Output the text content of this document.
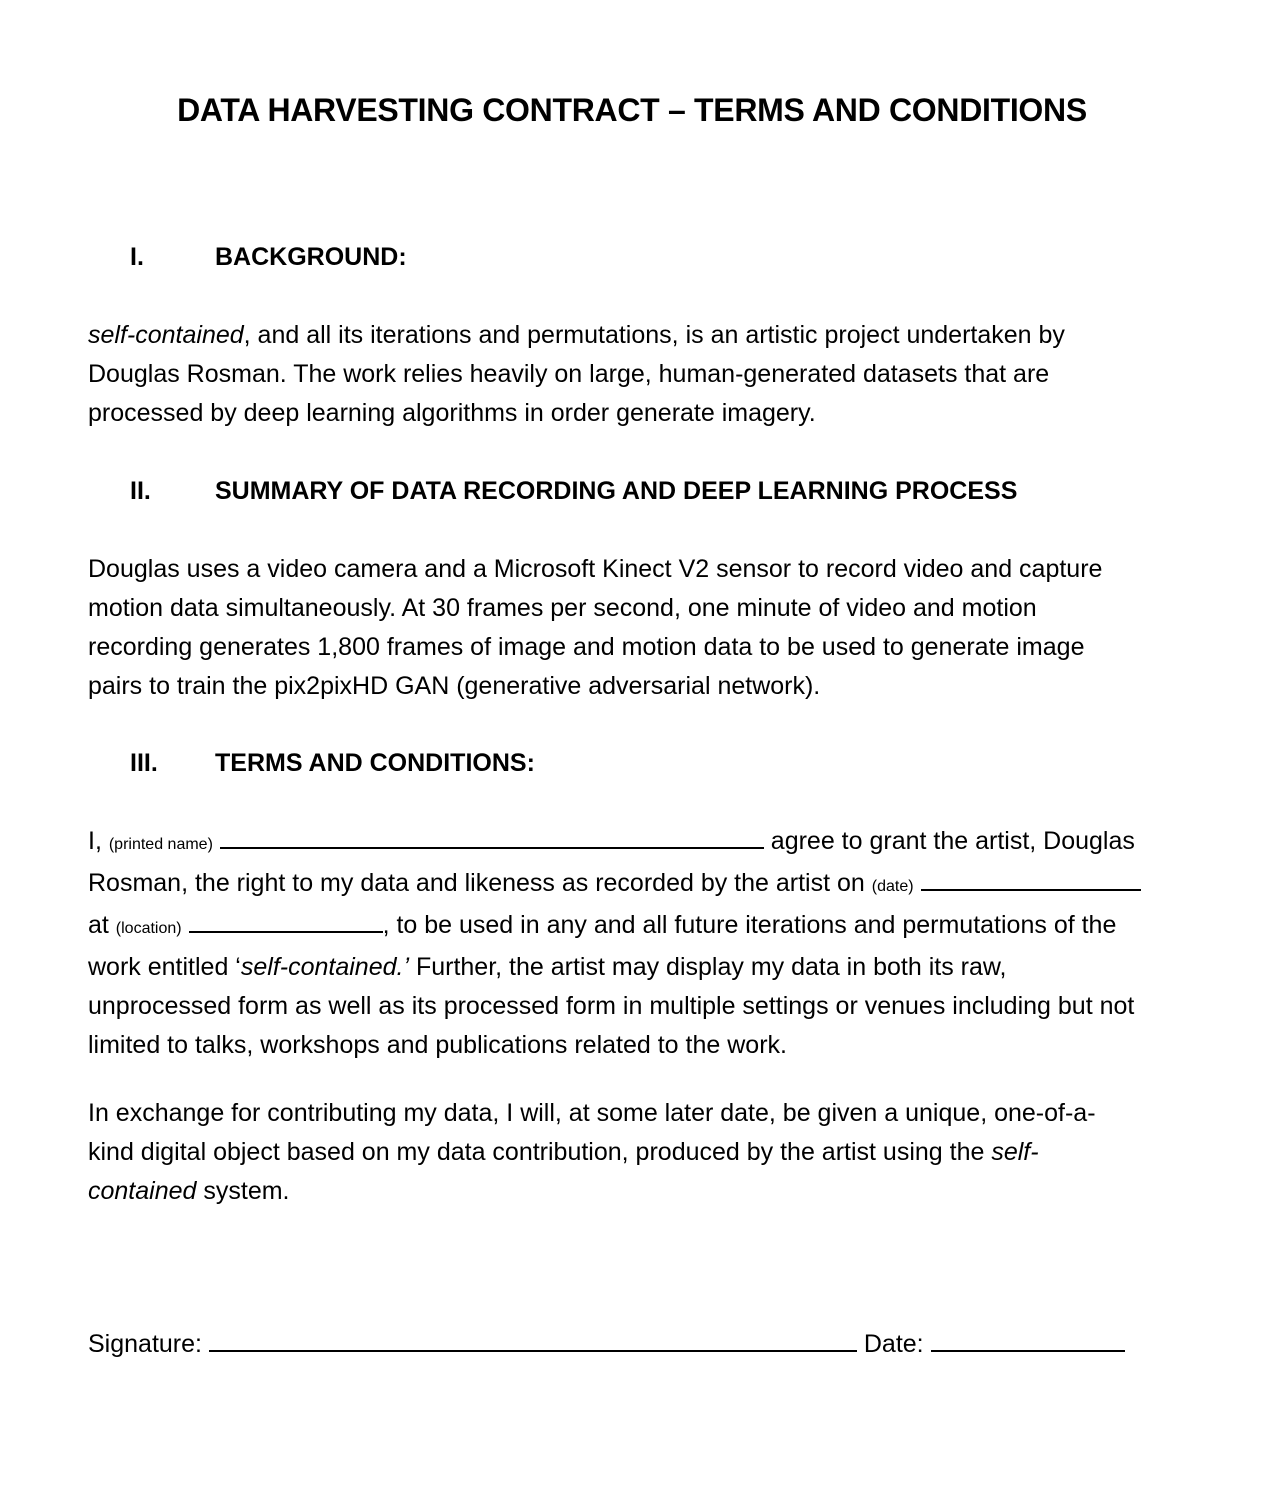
DATA HARVESTING CONTRACT – TERMS AND CONDITIONS
I.	BACKGROUND:
self-contained, and all its iterations and permutations, is an artistic project undertaken by
Douglas Rosman. The work relies heavily on large, human-generated datasets that are
processed by deep learning algorithms in order generate imagery.
II.	SUMMARY OF DATA RECORDING AND DEEP LEARNING PROCESS
Douglas uses a video camera and a Microsoft Kinect V2 sensor to record video and capture
motion data simultaneously. At 30 frames per second, one minute of video and motion
recording generates 1,800 frames of image and motion data to be used to generate image
pairs to train the pix2pixHD GAN (generative adversarial network).
III. TERMS AND CONDITIONS:
I, (printed name)	agree to grant the artist, Douglas
Rosman, the right to my data and likeness as recorded by the artist on (date)
at (location)	, to be used in any and all future iterations and permutations of the
work entitled ‘self-contained.’ Further, the artist may display my data in both its raw,
unprocessed form as well as its processed form in multiple settings or venues including but not
limited to talks, workshops and publications related to the work.
In exchange for contributing my data, I will, at some later date, be given a unique, one-of-a-
kind digital object based on my data contribution, produced by the artist using the self-
contained system.
Signature:	Date:
